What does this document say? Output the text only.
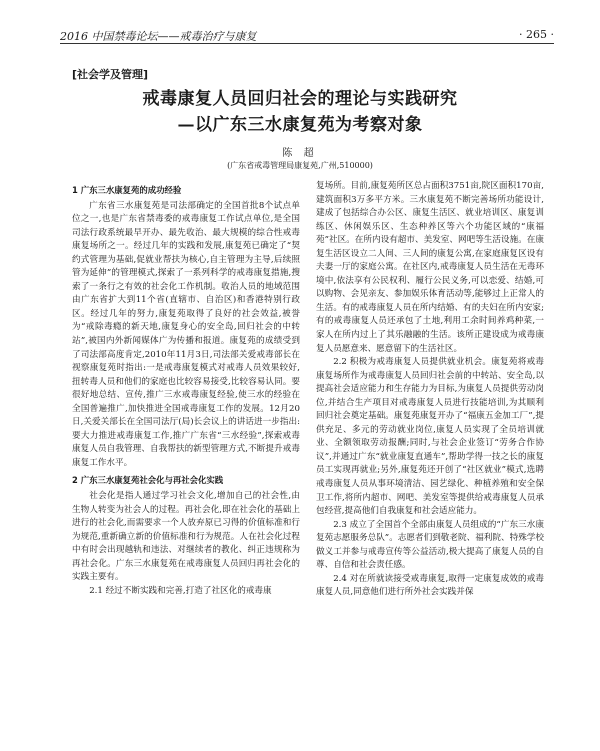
2016 中国禁毒论坛——戒毒治疗与康复	· 265 ·
[社会学及管理]
戒毒康复人员回归社会的理论与实践研究
—以广东三水康复苑为考察对象
陈 超
(广东省戒毒管理局康复苑,广州,510000)

1 广东三水康复苑的成功经验

广东省三水康复苑是司法部确定的全国首批8个试点单位之一,也是广东省禁毒委的戒毒康复工作试点单位,是全国司法行政系统最早开办、最先收治、最大规模的综合性戒毒康复场所之一。经过几年的实践和发展,康复苑已确定了“契约式管理为基础,促就业帮扶为核心,自主管理为主导,后续照管为延伸”的管理模式,探索了一系列科学的戒毒康复措施,搜索了一条行之有效的社会化工作机制。收治人员的地域范围由广东省扩大到11个省(直辖市、自治区)和香港特别行政区。经过几年的努力,康复苑取得了良好的社会效益,被誉为“戒除毒瘾的新天地,康复身心的安全岛,回归社会的中转站”,被国内外新闻媒体广为传播和报道。康复苑的成绩受到了司法部高度肯定,2010年11月3日,司法部关爱戒毒部长在视察康复苑时指出:一是戒毒康复模式对戒毒人员效果较好,扭转毒人员和他们的家庭也比较容易接受,比较容易认同。要很好地总结、宣传,推广三水戒毒康复经验,使三水的经验在全国普遍推广,加快推进全国戒毒康复工作的发展。12月20日,关爱关部长在全国司法厅(局)长会议上的讲话进一步指出:要大力推进戒毒康复工作,推广广东省“三水经验”,探索戒毒康复人员自我管理、自我帮扶的新型管理方式,不断提升戒毒康复工作水平。

2 广东三水康复苑社会化与再社会化实践

社会化是指人通过学习社会文化,增加自己的社会性,由生物人转变为社会人的过程。再社会化,即在社会化的基础上进行的社会化,而需要求一个人放弃原已习得的价值标准和行为规范,重新确立新的价值标准和行为规范。人在社会化过程中有时会出现越轨和违法、对继续者的教化、纠正违规称为再社会化。广东三水康复苑在戒毒康复人员回归再社会化的实践主要有。

2.1 经过不断实践和完善,打造了社区化的戒毒康

复场所。目前,康复苑所区总占面积3751亩,院区面积170亩,建筑面积3万多平方米。三水康复苑不断完善场所功能设计,建成了包括综合办公区、康复生活区、就业培训区、康复训练区、休闲娱乐区、生态种养区等六个功能区域的“康福苑”社区。在所内设有超市、美发室、网吧等生活设施。在康复生活区设立二人间、三人间的康复公寓,在家庭康复区设有夫妻一厅的家庭公寓。在社区内,戒毒康复人员生活在无毒环境中,依法享有公民权利、履行公民义务,可以恋爱、结婚,可以购物、会见亲友、参加娱乐体育活动等,能够过上正常人的生活。有的戒毒康复人员在所内结婚、有的夫妇在所内安家;有的戒毒康复人员还承包了土地,利用工余时间养鸡种菜,一家人在所内过上了其乐融融的生活。该所正建设成为戒毒康复人员愿意来、愿意留下的生活社区。

2.2 积极为戒毒康复人员提供就业机会。康复苑将戒毒康复场所作为戒毒康复人员回归社会前的中转站、安全岛,以提高社会适应能力和生存能力为目标,为康复人员提供劳动岗位,并结合生产项目对戒毒康复人员进行技能培训,为其顺利回归社会奠定基础。康复苑康复开办了“福康五金加工厂”,提供充足、多元的劳动就业岗位,康复人员实现了全员培训就业、全额领取劳动报酬;同时,与社会企业签订“劳务合作协议”,并通过广东“就业康复直通车”,帮助学得一技之长的康复员工实现再就业;另外,康复苑还开创了“社区就业”模式,选聘戒毒康复人员从事环境清洁、园艺绿化、种植养殖和安全保卫工作,将所内超市、网吧、美发室等提供给戒毒康复人员承包经营,提高他们自我康复和社会适应能力。

2.3 成立了全国首个全部由康复人员组成的“广东三水康复苑志愿服务总队”。志愿者们到敬老院、福利院、特殊学校做义工并参与戒毒宣传等公益活动,极大提高了康复人员的自尊、自信和社会责任感。

2.4 对在所就读接受戒毒康复,取得一定康复成效的戒毒康复人员,同意他们进行所外社会实践并保
